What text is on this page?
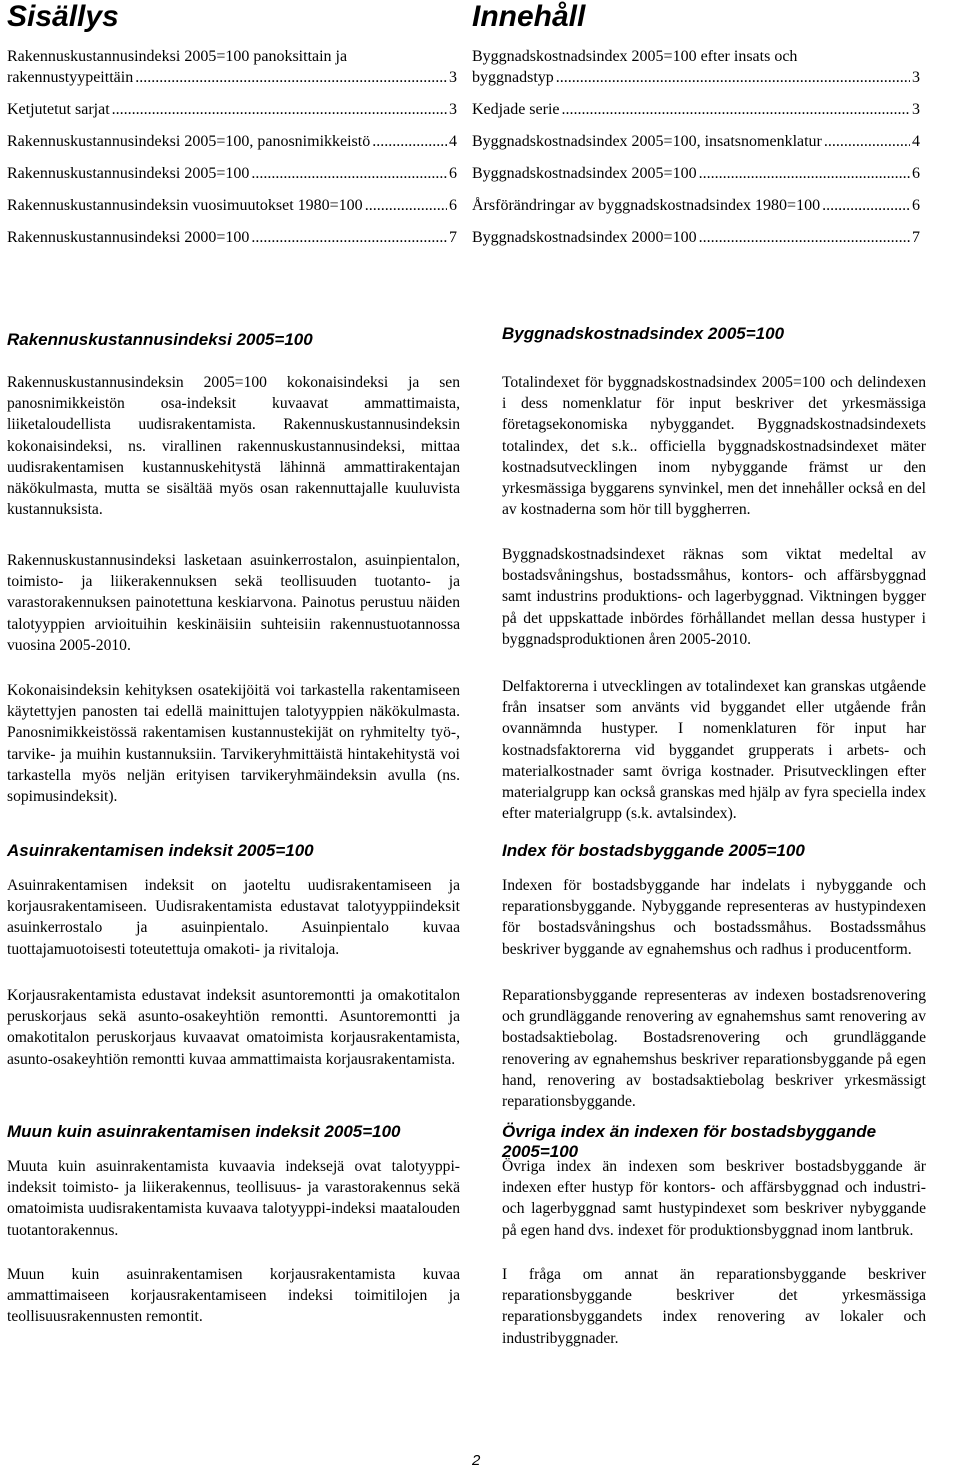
Sisällys
Rakennuskustannusindeksi 2005=100 panoksittain ja
rakennustyypeittäin .....	3
Ketjutetut sarjat .....	3
Rakennuskustannusindeksi 2005=100, panosnimikkeistö .....	4
Rakennuskustannusindeksi 2005=100 .....	6
Rakennuskustannusindeksin vuosimuutokset 1980=100 .....	6
Rakennuskustannusindeksi 2000=100 .....	7
Rakennuskustannusindeksi 2005=100
Rakennuskustannusindeksin 2005=100 kokonaisindeksi ja sen panosnimikkeistön osa-indeksit kuvaavat ammattimaista, liiketaloudellista uudisrakentamista. Rakennuskustannusindeksin kokonaisindeksi, ns. virallinen rakennuskustannusindeksi, mittaa uudisrakentamisen kustannuskehitystä lähinnä ammattirakentajan näkökulmasta, mutta se sisältää myös osan rakennuttajalle kuuluvista kustannuksista.
Rakennuskustannusindeksi lasketaan asuinkerrostalon, asuinpientalon, toimisto- ja liikerakennuksen sekä teollisuuden tuotanto- ja varastorakennuksen painotettuna keskiarvona. Painotus perustuu näiden talotyyppien arvioituihin keskinäisiin suhteisiin rakennustuotannossa vuosina 2005-2010.
Kokonaisindeksin kehityksen osatekijöitä voi tarkastella rakentamiseen käytettyjen panosten tai edellä mainittujen talotyyppien näkökulmasta. Panosnimikkeistössä rakentamisen kustannustekijät on ryhmitelty työ-, tarvike- ja muihin kustannuksiin. Tarvikeryhmittäistä hintakehitystä voi tarkastella myös neljän erityisen tarvikeryhmäindeksin avulla (ns. sopimusindeksit).
Asuinrakentamisen indeksit 2005=100
Asuinrakentamisen indeksit on jaoteltu uudisrakentamiseen ja korjausrakentamiseen. Uudisrakentamista edustavat talotyyppiindeksit asuinkerrostalo ja asuinpientalo. Asuinpientalo kuvaa tuottajamuotoisesti toteutettuja omakoti- ja rivitaloja.
Korjausrakentamista edustavat indeksit asuntoremontti ja omakotitalon peruskorjaus sekä asunto-osakeyhtiön remontti. Asuntoremontti ja omakotitalon peruskorjaus kuvaavat omatoimista korjausrakentamista, asunto-osakeyhtiön remontti kuvaa ammattimaista korjausrakentamista.
Muun kuin asuinrakentamisen indeksit 2005=100
Muuta kuin asuinrakentamista kuvaavia indeksejä ovat talotyyppi-indeksit toimisto- ja liikerakennus, teollisuus- ja varastorakennus sekä omatoimista uudisrakentamista kuvaava talotyyppi-indeksi maatalouden tuotantorakennus.
Muun kuin asuinrakentamisen korjausrakentamista kuvaa ammattimaiseen korjausrakentamiseen indeksi toimitilojen ja teollisuusrakennusten remontit.
Innehåll
Byggnadskostnadsindex 2005=100 efter insats och
byggnadstyp .....	3
Kedjade serie .....	3
Byggnadskostnadsindex 2005=100, insatsnomenklatur .....	4
Byggnadskostnadsindex 2005=100 .....	6
Årsförändringar av byggnadskostnadsindex 1980=100 .....	6
Byggnadskostnadsindex 2000=100 .....	7
Byggnadskostnadsindex 2005=100
Totalindexet för byggnadskostnadsindex 2005=100 och delindexen i dess nomenklatur för input beskriver det yrkesmässiga företagsekonomiska nybyggandet. Byggnadskostnadsindexets totalindex, det s.k.. officiella byggnadskostnadsindexet mäter kostnadsutvecklingen inom nybyggande främst ur den yrkesmässiga byggarens synvinkel, men det innehåller också en del av kostnaderna som hör till byggherren.
Byggnadskostnadsindexet räknas som viktat medeltal av bostadsvåningshus, bostadssmåhus, kontors- och affärsbyggnad samt industrins produktions- och lagerbyggnad. Viktningen bygger på det uppskattade inbördes förhållandet mellan dessa hustyper i byggnadsproduktionen åren 2005-2010.
Delfaktorerna i utvecklingen av totalindexet kan granskas utgående från insatser som använts vid byggandet eller utgående från ovannämnda hustyper. I nomenklaturen för input har kostnadsfaktorerna vid byggandet grupperats i arbets- och materialkostnader samt övriga kostnader. Prisutvecklingen efter materialgrupp kan också granskas med hjälp av fyra speciella index efter materialgrupp (s.k. avtalsindex).
Index för bostadsbyggande 2005=100
Indexen för bostadsbyggande har indelats i nybyggande och reparationsbyggande. Nybyggande representeras av hustypindexen för bostadsvåningshus och bostadssmåhus. Bostadssmåhus beskriver byggande av egnahemshus och radhus i producentform.
Reparationsbyggande representeras av indexen bostadsrenovering och grundläggande renovering av egnahemshus samt renovering av bostadsaktiebolag. Bostadsrenovering och grundläggande renovering av egnahemshus beskriver reparationsbyggande på egen hand, renovering av bostadsaktiebolag beskriver yrkesmässigt reparationsbyggande.
Övriga index än indexen för bostadsbyggande 2005=100
Övriga index än indexen som beskriver bostadsbyggande är indexen efter hustyp för kontors- och affärsbyggnad och industri- och lagerbyggnad samt hustypindexet som beskriver nybyggande på egen hand dvs. indexet för produktionsbyggnad inom lantbruk.
I fråga om annat än reparationsbyggande beskriver reparationsbyggande beskriver det yrkesmässiga reparationsbyggandets index renovering av lokaler och industribyggnader.
2
